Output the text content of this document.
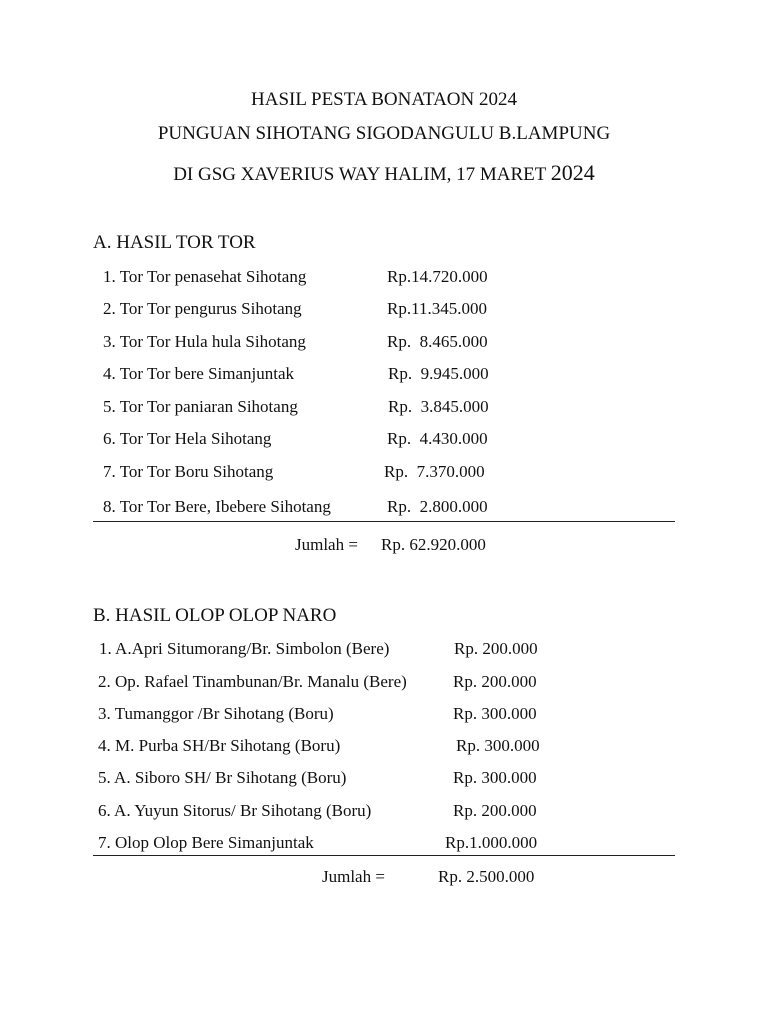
HASIL PESTA BONATAON 2024
PUNGUAN SIHOTANG SIGODANGULU B.LAMPUNG
DI GSG XAVERIUS WAY HALIM, 17 MARET 2024
A. HASIL TOR TOR
1. Tor Tor penasehat Sihotang	Rp.14.720.000
2. Tor Tor pengurus Sihotang	Rp.11.345.000
3. Tor Tor Hula hula Sihotang	Rp.  8.465.000
4. Tor Tor bere Simanjuntak	Rp.  9.945.000
5. Tor Tor paniaran Sihotang	Rp.  3.845.000
6. Tor Tor Hela Sihotang	Rp.  4.430.000
7. Tor Tor Boru Sihotang	Rp.  7.370.000
8. Tor Tor Bere, Ibebere Sihotang	Rp.  2.800.000
Jumlah = Rp. 62.920.000
B. HASIL OLOP OLOP NARO
1. A.Apri Situmorang/Br. Simbolon (Bere)	Rp. 200.000
2. Op. Rafael Tinambunan/Br. Manalu (Bere)	Rp. 200.000
3. Tumanggor /Br Sihotang (Boru)	Rp. 300.000
4. M. Purba SH/Br Sihotang (Boru)	Rp. 300.000
5. A. Siboro SH/ Br Sihotang (Boru)	Rp. 300.000
6. A. Yuyun Sitorus/ Br Sihotang (Boru)	Rp. 200.000
7. Olop Olop Bere Simanjuntak	Rp.1.000.000
Jumlah =	Rp. 2.500.000
